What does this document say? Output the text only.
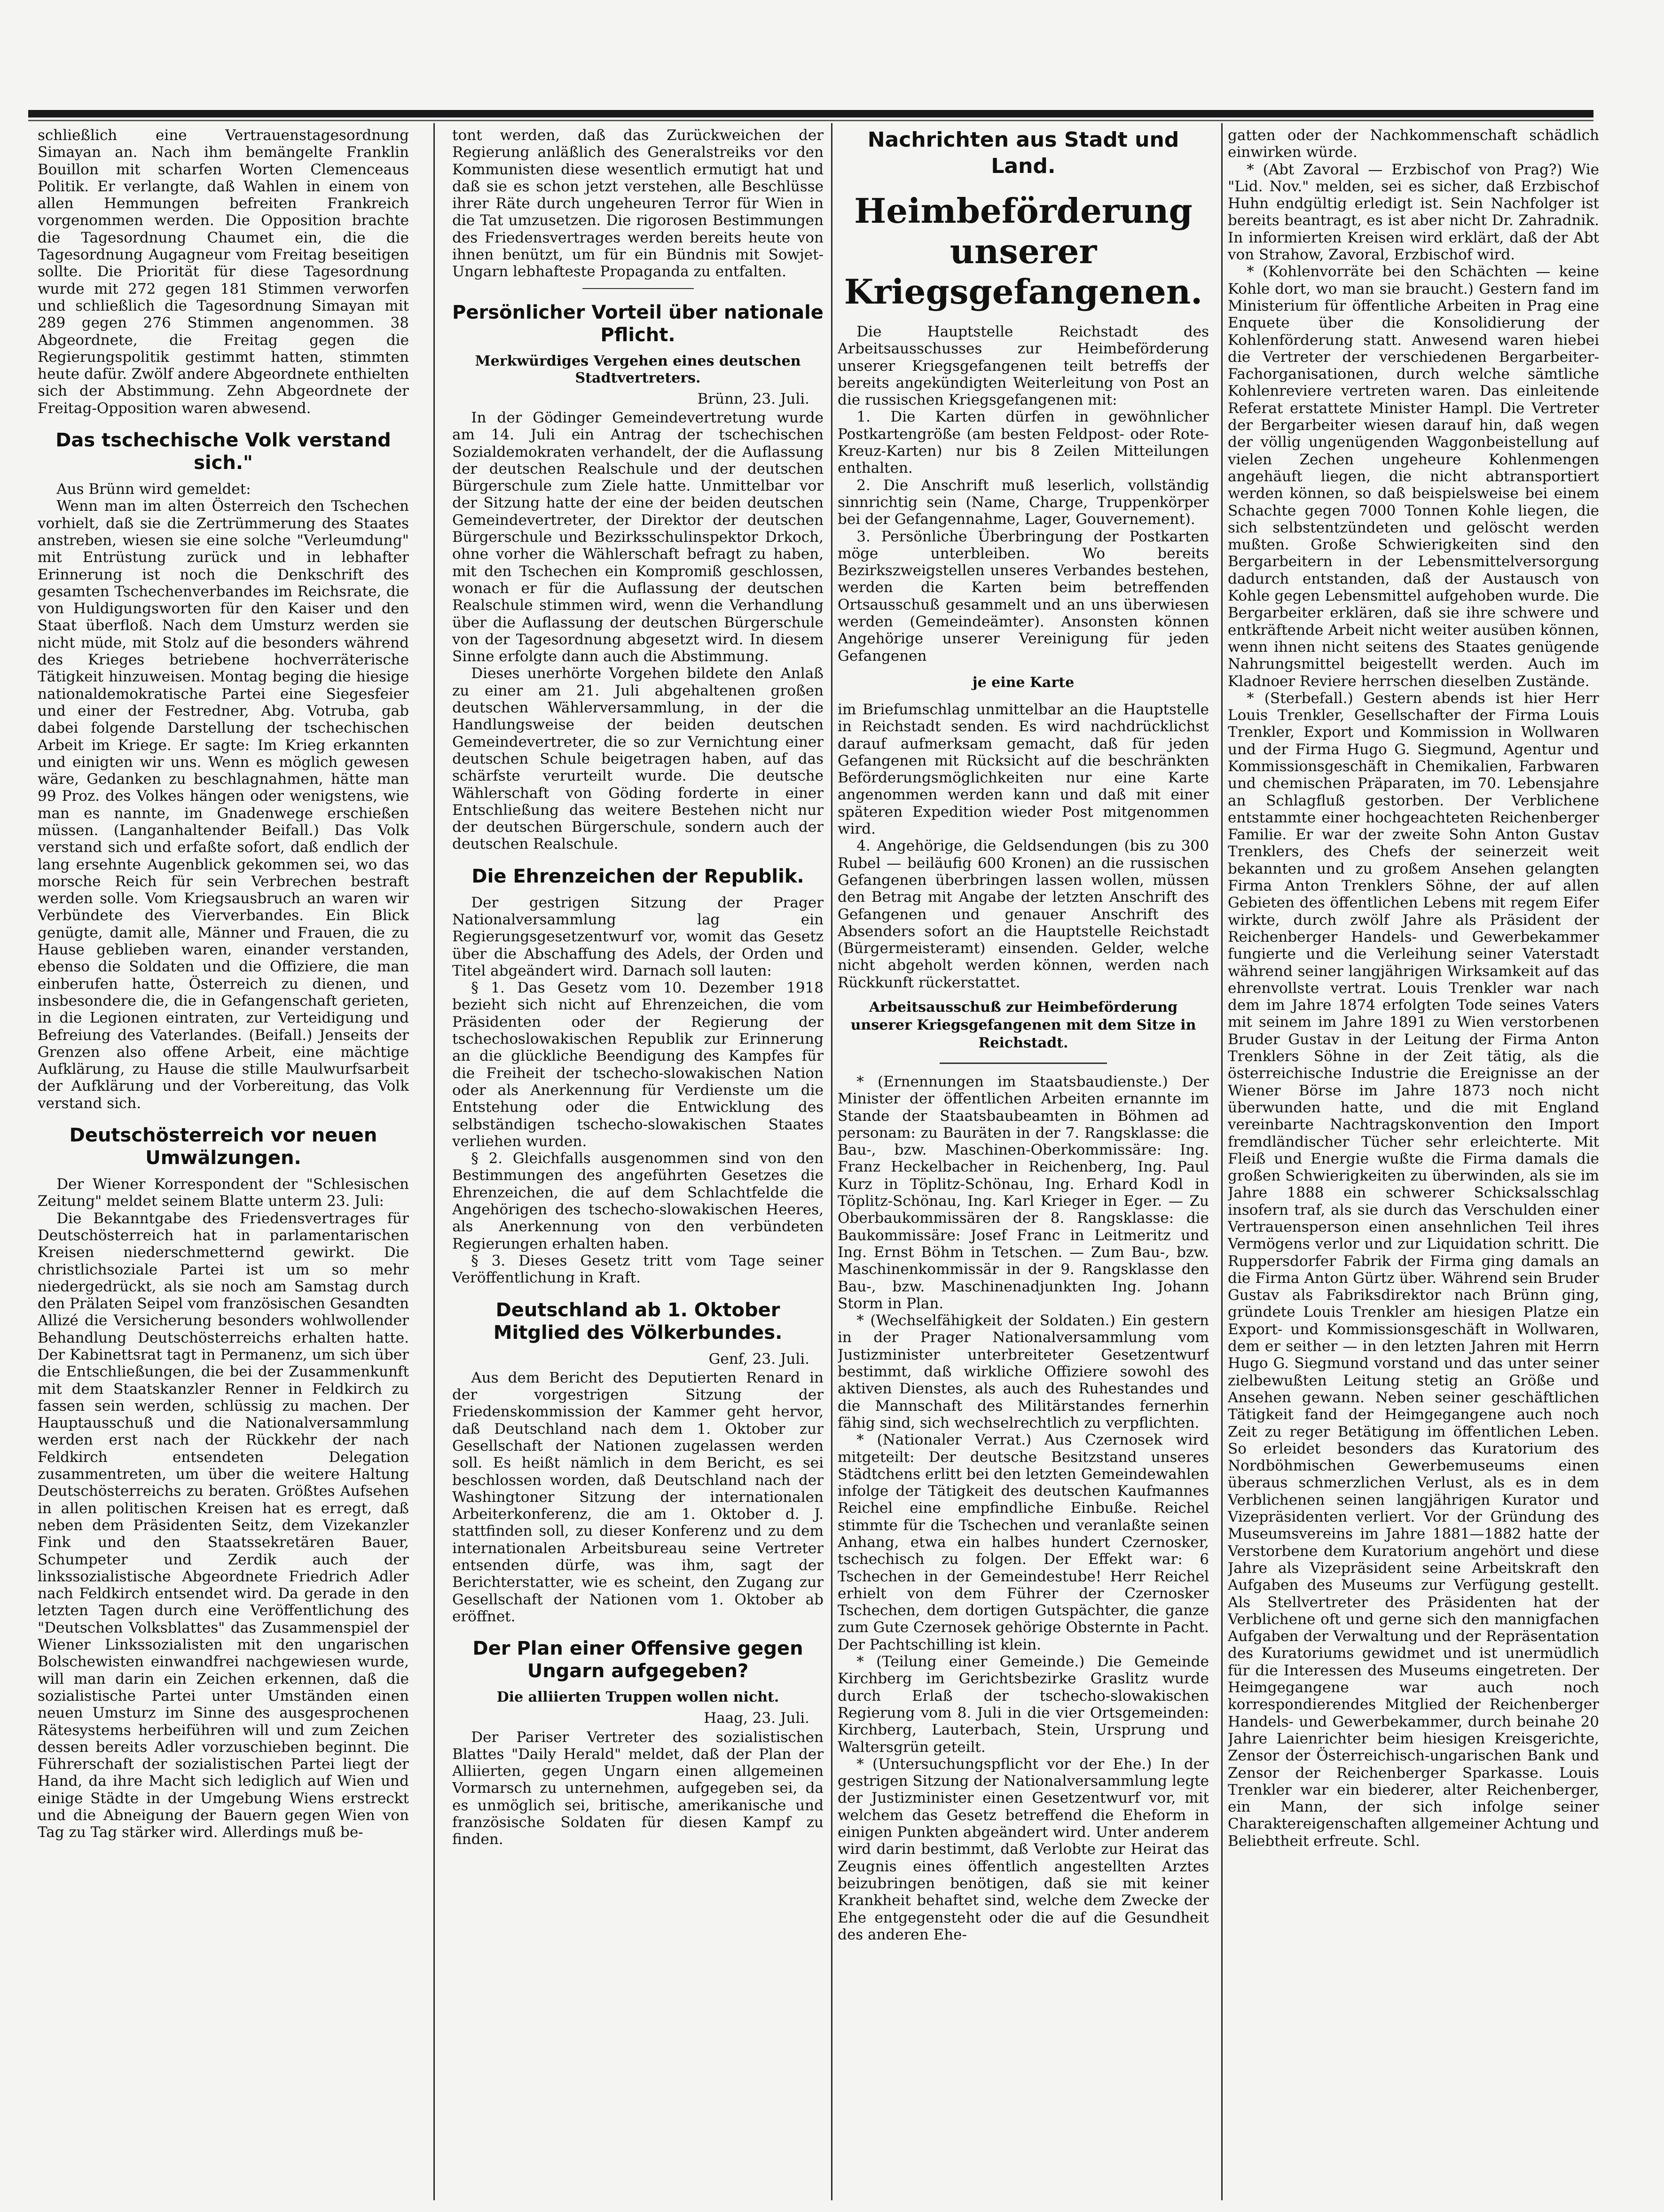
schließlich eine Vertrauenstagesordnung Simayan an. Nach ihm bemängelte Franklin Bouillon mit scharfen Worten Clemenceaus Politik. Er verlangte, daß Wahlen in einem von allen Hemmungen befreiten Frankreich vorgenommen werden. Die Opposition brachte die Tagesordnung Chaumet ein, die die Tagesordnung Augagneur vom Freitag beseitigen sollte. Die Priorität für diese Tagesordnung wurde mit 272 gegen 181 Stimmen verworfen und schließlich die Tagesordnung Simayan mit 289 gegen 276 Stimmen angenommen. 38 Abgeordnete, die Freitag gegen die Regierungspolitik gestimmt hatten, stimmten heute dafür. Zwölf andere Abgeordnete enthielten sich der Abstimmung. Zehn Abgeordnete der Freitag-Opposition waren abwesend.

Das tschechische Volk verstand sich."

Aus Brünn wird gemeldet:

Wenn man im alten Österreich den Tschechen vorhielt, daß sie die Zertrümmerung des Staates anstreben, wiesen sie eine solche "Verleumdung" mit Entrüstung zurück und in lebhafter Erinnerung ist noch die Denkschrift des gesamten Tschechenverbandes im Reichsrate, die von Huldigungsworten für den Kaiser und den Staat überfloß. Nach dem Umsturz werden sie nicht müde, mit Stolz auf die besonders während des Krieges betriebene hochverräterische Tätigkeit hinzuweisen. Montag beging die hiesige nationaldemokratische Partei eine Siegesfeier und einer der Festredner, Abg. Votruba, gab dabei folgende Darstellung der tschechischen Arbeit im Kriege. Er sagte: Im Krieg erkannten und einigten wir uns. Wenn es möglich gewesen wäre, Gedanken zu beschlagnahmen, hätte man 99 Proz. des Volkes hängen oder wenigstens, wie man es nannte, im Gnadenwege erschießen müssen. (Langanhaltender Beifall.) Das Volk verstand sich und erfaßte sofort, daß endlich der lang ersehnte Augenblick gekommen sei, wo das morsche Reich für sein Verbrechen bestraft werden solle. Vom Kriegsausbruch an waren wir Verbündete des Vierverbandes. Ein Blick genügte, damit alle, Männer und Frauen, die zu Hause geblieben waren, einander verstanden, ebenso die Soldaten und die Offiziere, die man einberufen hatte, Österreich zu dienen, und insbesondere die, die in Gefangenschaft gerieten, in die Legionen eintraten, zur Verteidigung und Befreiung des Vaterlandes. (Beifall.) Jenseits der Grenzen also offene Arbeit, eine mächtige Aufklärung, zu Hause die stille Maulwurfsarbeit der Aufklärung und der Vorbereitung, das Volk verstand sich.

Deutschösterreich vor neuen Umwälzungen.

Der Wiener Korrespondent der "Schlesischen Zeitung" meldet seinem Blatte unterm 23. Juli:

Die Bekanntgabe des Friedensvertrages für Deutschösterreich hat in parlamentarischen Kreisen niederschmetternd gewirkt. Die christlichsoziale Partei ist um so mehr niedergedrückt, als sie noch am Samstag durch den Prälaten Seipel vom französischen Gesandten Allizé die Versicherung besonders wohlwollender Behandlung Deutschösterreichs erhalten hatte. Der Kabinettsrat tagt in Permanenz, um sich über die Entschließungen, die bei der Zusammenkunft mit dem Staatskanzler Renner in Feldkirch zu fassen sein werden, schlüssig zu machen. Der Hauptausschuß und die Nationalversammlung werden erst nach der Rückkehr der nach Feldkirch entsendeten Delegation zusammentreten, um über die weitere Haltung Deutschösterreichs zu beraten. Größtes Aufsehen in allen politischen Kreisen hat es erregt, daß neben dem Präsidenten Seitz, dem Vizekanzler Fink und den Staatssekretären Bauer, Schumpeter und Zerdik auch der linkssozialistische Abgeordnete Friedrich Adler nach Feldkirch entsendet wird. Da gerade in den letzten Tagen durch eine Veröffentlichung des "Deutschen Volksblattes" das Zusammenspiel der Wiener Linkssozialisten mit den ungarischen Bolschewisten einwandfrei nachgewiesen wurde, will man darin ein Zeichen erkennen, daß die sozialistische Partei unter Umständen einen neuen Umsturz im Sinne des ausgesprochenen Rätesystems herbeiführen will und zum Zeichen dessen bereits Adler vorzuschieben beginnt. Die Führerschaft der sozialistischen Partei liegt der Hand, da ihre Macht sich lediglich auf Wien und einige Städte in der Umgebung Wiens erstreckt und die Abneigung der Bauern gegen Wien von Tag zu Tag stärker wird. Allerdings muß be-

tont werden, daß das Zurückweichen der Regierung anläßlich des Generalstreiks vor den Kommunisten diese wesentlich ermutigt hat und daß sie es schon jetzt verstehen, alle Beschlüsse ihrer Räte durch ungeheuren Terror für Wien in die Tat umzusetzen. Die rigorosen Bestimmungen des Friedensvertrages werden bereits heute von ihnen benützt, um für ein Bündnis mit Sowjet-Ungarn lebhafteste Propaganda zu entfalten.

Persönlicher Vorteil über nationale Pflicht.
Merkwürdiges Vergehen eines deutschen Stadtvertreters.
Brünn, 23. Juli.

In der Gödinger Gemeindevertretung wurde am 14. Juli ein Antrag der tschechischen Sozialdemokraten verhandelt, der die Auflassung der deutschen Realschule und der deutschen Bürgerschule zum Ziele hatte. Unmittelbar vor der Sitzung hatte der eine der beiden deutschen Gemeindevertreter, der Direktor der deutschen Bürgerschule und Bezirksschulinspektor Drkoch, ohne vorher die Wählerschaft befragt zu haben, mit den Tschechen ein Kompromiß geschlossen, wonach er für die Auflassung der deutschen Realschule stimmen wird, wenn die Verhandlung über die Auflassung der deutschen Bürgerschule von der Tagesordnung abgesetzt wird. In diesem Sinne erfolgte dann auch die Abstimmung.

Dieses unerhörte Vorgehen bildete den Anlaß zu einer am 21. Juli abgehaltenen großen deutschen Wählerversammlung, in der die Handlungsweise der beiden deutschen Gemeindevertreter, die so zur Vernichtung einer deutschen Schule beigetragen haben, auf das schärfste verurteilt wurde. Die deutsche Wählerschaft von Göding forderte in einer Entschließung das weitere Bestehen nicht nur der deutschen Bürgerschule, sondern auch der deutschen Realschule.

Die Ehrenzeichen der Republik.

Der gestrigen Sitzung der Prager Nationalversammlung lag ein Regierungsgesetzentwurf vor, womit das Gesetz über die Abschaffung des Adels, der Orden und Titel abgeändert wird. Darnach soll lauten:

§ 1. Das Gesetz vom 10. Dezember 1918 bezieht sich nicht auf Ehrenzeichen, die vom Präsidenten oder der Regierung der tschechoslowakischen Republik zur Erinnerung an die glückliche Beendigung des Kampfes für die Freiheit der tschecho-slowakischen Nation oder als Anerkennung für Verdienste um die Entstehung oder die Entwicklung des selbständigen tschecho-slowakischen Staates verliehen wurden.

§ 2. Gleichfalls ausgenommen sind von den Bestimmungen des angeführten Gesetzes die Ehrenzeichen, die auf dem Schlachtfelde die Angehörigen des tschecho-slowakischen Heeres, als Anerkennung von den verbündeten Regierungen erhalten haben.

§ 3. Dieses Gesetz tritt vom Tage seiner Veröffentlichung in Kraft.

Deutschland ab 1. Oktober Mitglied des Völkerbundes.
Genf, 23. Juli.

Aus dem Bericht des Deputierten Renard in der vorgestrigen Sitzung der Friedenskommission der Kammer geht hervor, daß Deutschland nach dem 1. Oktober zur Gesellschaft der Nationen zugelassen werden soll. Es heißt nämlich in dem Bericht, es sei beschlossen worden, daß Deutschland nach der Washingtoner Sitzung der internationalen Arbeiterkonferenz, die am 1. Oktober d. J. stattfinden soll, zu dieser Konferenz und zu dem internationalen Arbeitsbureau seine Vertreter entsenden dürfe, was ihm, sagt der Berichterstatter, wie es scheint, den Zugang zur Gesellschaft der Nationen vom 1. Oktober ab eröffnet.

Der Plan einer Offensive gegen Ungarn aufgegeben?
Die alliierten Truppen wollen nicht.
Haag, 23. Juli.

Der Pariser Vertreter des sozialistischen Blattes "Daily Herald" meldet, daß der Plan der Alliierten, gegen Ungarn einen allgemeinen Vormarsch zu unternehmen, aufgegeben sei, da es unmöglich sei, britische, amerikanische und französische Soldaten für diesen Kampf zu finden.

Nachrichten aus Stadt und Land.
Heimbeförderung unserer Kriegsgefangenen.

Die Hauptstelle Reichstadt des Arbeitsausschusses zur Heimbeförderung unserer Kriegsgefangenen teilt betreffs der bereits angekündigten Weiterleitung von Post an die russischen Kriegsgefangenen mit:

1. Die Karten dürfen in gewöhnlicher Postkartengröße (am besten Feldpost- oder Rote-Kreuz-Karten) nur bis 8 Zeilen Mitteilungen enthalten.

2. Die Anschrift muß leserlich, vollständig sinnrichtig sein (Name, Charge, Truppenkörper bei der Gefangennahme, Lager, Gouvernement).

3. Persönliche Überbringung der Postkarten möge unterbleiben. Wo bereits Bezirkszweigstellen unseres Verbandes bestehen, werden die Karten beim betreffenden Ortsausschuß gesammelt und an uns überwiesen werden (Gemeindeämter). Ansonsten können Angehörige unserer Vereinigung für jeden Gefangenen

je eine Karte

im Briefumschlag unmittelbar an die Hauptstelle in Reichstadt senden. Es wird nachdrücklichst darauf aufmerksam gemacht, daß für jeden Gefangenen mit Rücksicht auf die beschränkten Beförderungsmöglichkeiten nur eine Karte angenommen werden kann und daß mit einer späteren Expedition wieder Post mitgenommen wird.

4. Angehörige, die Geldsendungen (bis zu 300 Rubel — beiläufig 600 Kronen) an die russischen Gefangenen überbringen lassen wollen, müssen den Betrag mit Angabe der letzten Anschrift des Gefangenen und genauer Anschrift des Absenders sofort an die Hauptstelle Reichstadt (Bürgermeisteramt) einsenden. Gelder, welche nicht abgeholt werden können, werden nach Rückkunft rückerstattet.

Arbeitsausschuß zur Heimbeförderung unserer Kriegsgefangenen mit dem Sitze in Reichstadt.

* (Ernennungen im Staatsbaudienste.) Der Minister der öffentlichen Arbeiten ernannte im Stande der Staatsbaubeamten in Böhmen ad personam: zu Bauräten in der 7. Rangsklasse: die Bau-, bzw. Maschinen-Oberkommissäre: Ing. Franz Heckelbacher in Reichenberg, Ing. Paul Kurz in Töplitz-Schönau, Ing. Erhard Kodl in Töplitz-Schönau, Ing. Karl Krieger in Eger. — Zu Oberbaukommissären der 8. Rangsklasse: die Baukommissäre: Josef Franc in Leitmeritz und Ing. Ernst Böhm in Tetschen. — Zum Bau-, bzw. Maschinenkommissär in der 9. Rangsklasse den Bau-, bzw. Maschinenadjunkten Ing. Johann Storm in Plan.

* (Wechselfähigkeit der Soldaten.) Ein gestern in der Prager Nationalversammlung vom Justizminister unterbreiteter Gesetzentwurf bestimmt, daß wirkliche Offiziere sowohl des aktiven Dienstes, als auch des Ruhestandes und die Mannschaft des Militärstandes fernerhin fähig sind, sich wechselrechtlich zu verpflichten.

* (Nationaler Verrat.) Aus Czernosek wird mitgeteilt: Der deutsche Besitzstand unseres Städtchens erlitt bei den letzten Gemeindewahlen infolge der Tätigkeit des deutschen Kaufmannes Reichel eine empfindliche Einbuße. Reichel stimmte für die Tschechen und veranlaßte seinen Anhang, etwa ein halbes hundert Czernosker, tschechisch zu folgen. Der Effekt war: 6 Tschechen in der Gemeindestube! Herr Reichel erhielt von dem Führer der Czernosker Tschechen, dem dortigen Gutspächter, die ganze zum Gute Czernosek gehörige Obsternte in Pacht. Der Pachtschilling ist klein.

* (Teilung einer Gemeinde.) Die Gemeinde Kirchberg im Gerichtsbezirke Graslitz wurde durch Erlaß der tschecho-slowakischen Regierung vom 8. Juli in die vier Ortsgemeinden: Kirchberg, Lauterbach, Stein, Ursprung und Waltersgrün geteilt.

* (Untersuchungspflicht vor der Ehe.) In der gestrigen Sitzung der Nationalversammlung legte der Justizminister einen Gesetzentwurf vor, mit welchem das Gesetz betreffend die Eheform in einigen Punkten abgeändert wird. Unter anderem wird darin bestimmt, daß Verlobte zur Heirat das Zeugnis eines öffentlich angestellten Arztes beizubringen benötigen, daß sie mit keiner Krankheit behaftet sind, welche dem Zwecke der Ehe entgegensteht oder die auf die Gesundheit des anderen Ehe-

gatten oder der Nachkommenschaft schädlich einwirken würde.

* (Abt Zavoral — Erzbischof von Prag?) Wie "Lid. Nov." melden, sei es sicher, daß Erzbischof Huhn endgültig erledigt ist. Sein Nachfolger ist bereits beantragt, es ist aber nicht Dr. Zahradnik. In informierten Kreisen wird erklärt, daß der Abt von Strahow, Zavoral, Erzbischof wird.

* (Kohlenvorräte bei den Schächten — keine Kohle dort, wo man sie braucht.) Gestern fand im Ministerium für öffentliche Arbeiten in Prag eine Enquete über die Konsolidierung der Kohlenförderung statt. Anwesend waren hiebei die Vertreter der verschiedenen Bergarbeiter-Fachorganisationen, durch welche sämtliche Kohlenreviere vertreten waren. Das einleitende Referat erstattete Minister Hampl. Die Vertreter der Bergarbeiter wiesen darauf hin, daß wegen der völlig ungenügenden Waggonbeistellung auf vielen Zechen ungeheure Kohlenmengen angehäuft liegen, die nicht abtransportiert werden können, so daß beispielsweise bei einem Schachte gegen 7000 Tonnen Kohle liegen, die sich selbstentzündeten und gelöscht werden mußten. Große Schwierigkeiten sind den Bergarbeitern in der Lebensmittelversorgung dadurch entstanden, daß der Austausch von Kohle gegen Lebensmittel aufgehoben wurde. Die Bergarbeiter erklären, daß sie ihre schwere und entkräftende Arbeit nicht weiter ausüben können, wenn ihnen nicht seitens des Staates genügende Nahrungsmittel beigestellt werden. Auch im Kladnoer Reviere herrschen dieselben Zustände.

* (Sterbefall.) Gestern abends ist hier Herr Louis Trenkler, Gesellschafter der Firma Louis Trenkler, Export und Kommission in Wollwaren und der Firma Hugo G. Siegmund, Agentur und Kommissionsgeschäft in Chemikalien, Farbwaren und chemischen Präparaten, im 70. Lebensjahre an Schlagfluß gestorben. Der Verblichene entstammte einer hochgeachteten Reichenberger Familie. Er war der zweite Sohn Anton Gustav Trenklers, des Chefs der seinerzeit weit bekannten und zu großem Ansehen gelangten Firma Anton Trenklers Söhne, der auf allen Gebieten des öffentlichen Lebens mit regem Eifer wirkte, durch zwölf Jahre als Präsident der Reichenberger Handels- und Gewerbekammer fungierte und die Verleihung seiner Vaterstadt während seiner langjährigen Wirksamkeit auf das ehrenvollste vertrat. Louis Trenkler war nach dem im Jahre 1874 erfolgten Tode seines Vaters mit seinem im Jahre 1891 zu Wien verstorbenen Bruder Gustav in der Leitung der Firma Anton Trenklers Söhne in der Zeit tätig, als die österreichische Industrie die Ereignisse an der Wiener Börse im Jahre 1873 noch nicht überwunden hatte, und die mit England vereinbarte Nachtragskonvention den Import fremdländischer Tücher sehr erleichterte. Mit Fleiß und Energie wußte die Firma damals die großen Schwierigkeiten zu überwinden, als sie im Jahre 1888 ein schwerer Schicksalsschlag insofern traf, als sie durch das Verschulden einer Vertrauensperson einen ansehnlichen Teil ihres Vermögens verlor und zur Liquidation schritt. Die Ruppersdorfer Fabrik der Firma ging damals an die Firma Anton Gürtz über. Während sein Bruder Gustav als Fabriksdirektor nach Brünn ging, gründete Louis Trenkler am hiesigen Platze ein Export- und Kommissionsgeschäft in Wollwaren, dem er seither — in den letzten Jahren mit Herrn Hugo G. Siegmund vorstand und das unter seiner zielbewußten Leitung stetig an Größe und Ansehen gewann. Neben seiner geschäftlichen Tätigkeit fand der Heimgegangene auch noch Zeit zu reger Betätigung im öffentlichen Leben. So erleidet besonders das Kuratorium des Nordböhmischen Gewerbemuseums einen überaus schmerzlichen Verlust, als es in dem Verblichenen seinen langjährigen Kurator und Vizepräsidenten verliert. Vor der Gründung des Museumsvereins im Jahre 1881—1882 hatte der Verstorbene dem Kuratorium angehört und diese Jahre als Vizepräsident seine Arbeitskraft den Aufgaben des Museums zur Verfügung gestellt. Als Stellvertreter des Präsidenten hat der Verblichene oft und gerne sich den mannigfachen Aufgaben der Verwaltung und der Repräsentation des Kuratoriums gewidmet und ist unermüdlich für die Interessen des Museums eingetreten. Der Heimgegangene war auch noch korrespondierendes Mitglied der Reichenberger Handels- und Gewerbekammer, durch beinahe 20 Jahre Laienrichter beim hiesigen Kreisgerichte, Zensor der Österreichisch-ungarischen Bank und Zensor der Reichenberger Sparkasse. Louis Trenkler war ein biederer, alter Reichenberger, ein Mann, der sich infolge seiner Charaktereigenschaften allgemeiner Achtung und Beliebtheit erfreute. Schl.
